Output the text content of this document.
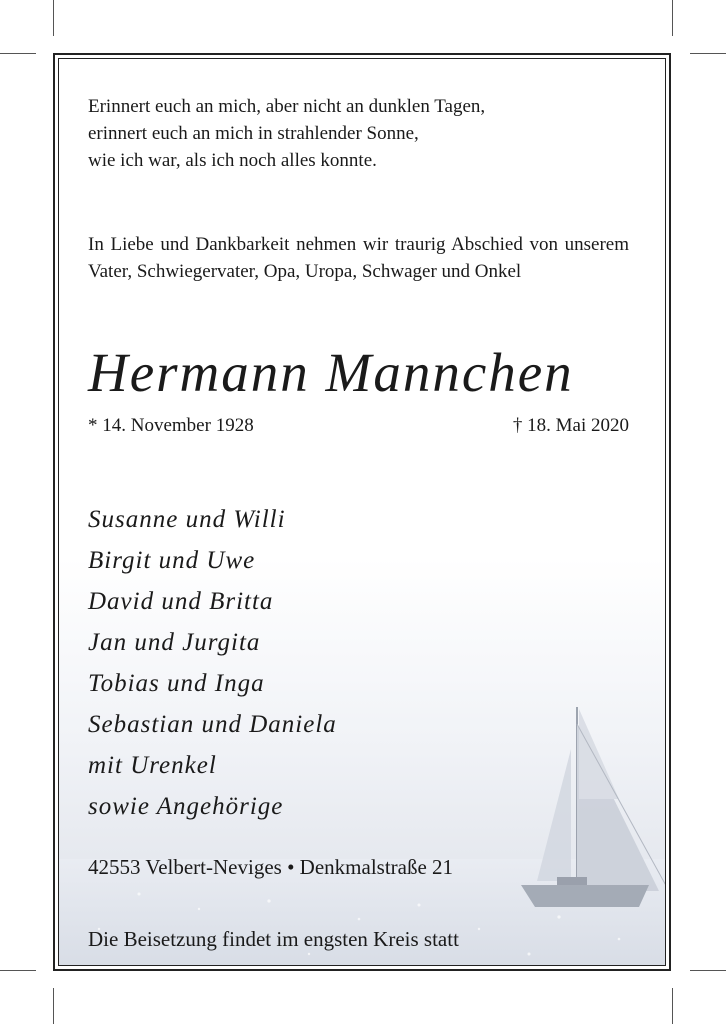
Erinnert euch an mich, aber nicht an dunklen Tagen,
erinnert euch an mich in strahlender Sonne,
wie ich war, als ich noch alles konnte.
In Liebe und Dankbarkeit nehmen wir traurig Abschied von unserem Vater, Schwiegervater, Opa, Uropa, Schwager und Onkel
Hermann Mannchen
* 14. November 1928	† 18. Mai 2020
Susanne und Willi
Birgit und Uwe
David und Britta
Jan und Jurgita
Tobias und Inga
Sebastian und Daniela
mit Urenkel
sowie Angehörige
42553 Velbert-Neviges • Denkmalstraße 21
Die Beisetzung findet im engsten Kreis statt
